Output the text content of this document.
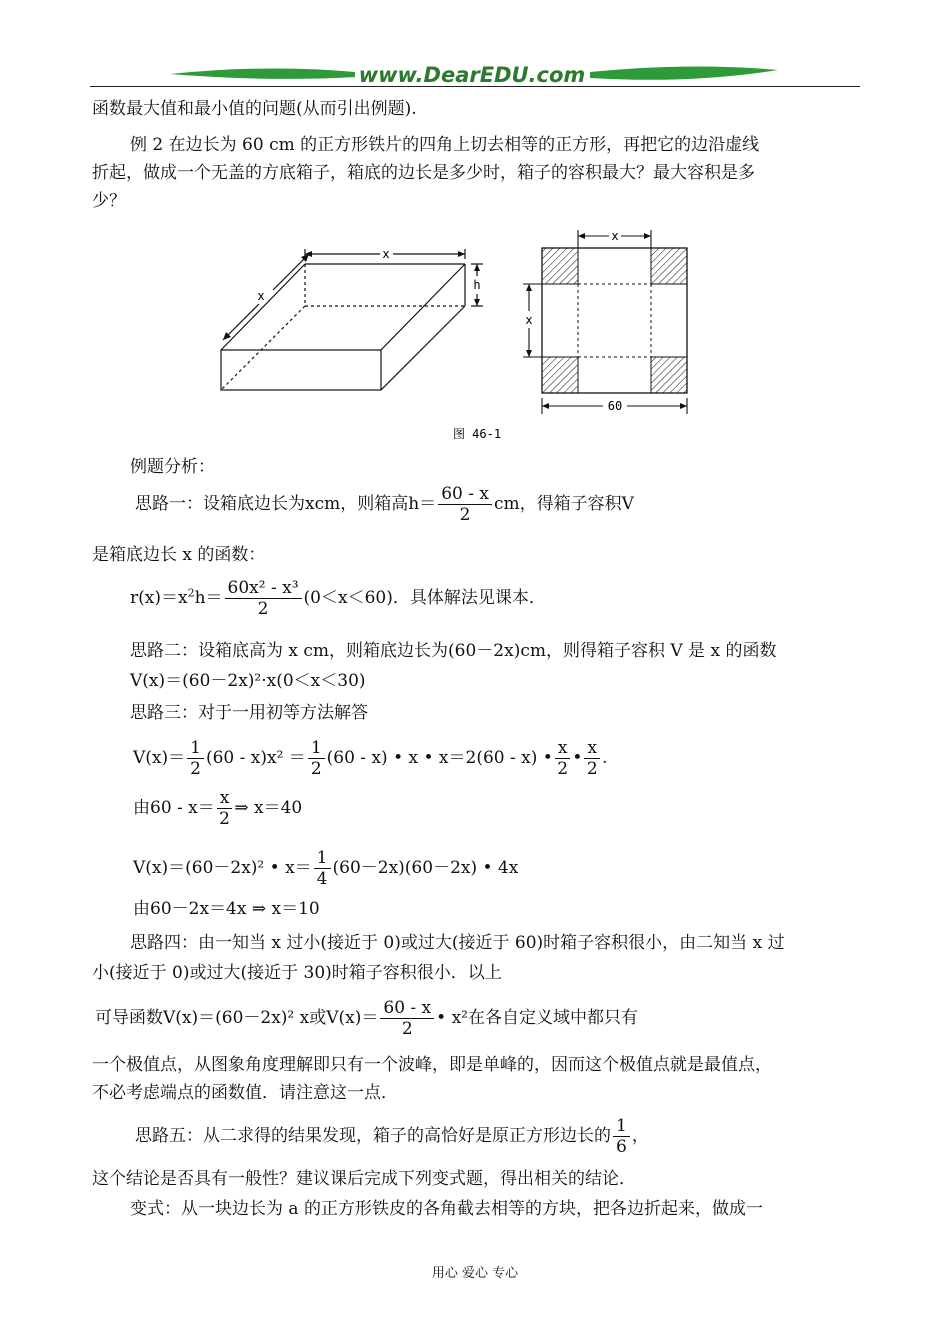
www.DearEDU.com
函数最大值和最小值的问题(从而引出例题).
例 2 在边长为 60 cm 的正方形铁片的四角上切去相等的正方形，再把它的边沿虚线
折起，做成一个无盖的方底箱子，箱底的边长是多少时，箱子的容积最大？最大容积是多
少？
x
h
x
x
x
60
图 46-1
例题分析：
思路一：设箱底边长为xcm，则箱高$h= \frac{60 - x}{2}$ cm，得箱子容积V
是箱底边长 x 的函数：
$r(x)=x^2h= \frac{\text{60x² - x³}}{2} (0<x<60)$．具体解法见课本．
思路二：设箱底高为 x cm，则箱底边长为(60－2x)cm，则得箱子容积 V 是 x 的函数
V(x)＝(60－2x)²·x(0＜x＜30)
思路三：对于一用初等方法解答
$V(x)= \frac{1}{2} (60 - x)x^2 = \frac{1}{2} (60 - x)$ • x • x＝2(60 - x) • $\frac{x}{2}$ • $\frac{x}{2}$ .
由$60 - x= \frac{x}{2}$ ⇒ x＝40
V(x)＝(60－2x)² • $x= \frac{1}{4} (60-2x)(60-2x)$ • 4x
由60－2x＝4x ⇒ x＝10
思路四：由一知当 x 过小(接近于 0)或过大(接近于 60)时箱子容积很小，由二知当 x 过
小(接近于 0)或过大(接近于 30)时箱子容积很小．以上
可导函数V(x)＝(60－2x)² x或$V(x)= \frac{60 - x}{2}$ • x²在各自定义域中都只有
一个极值点，从图象角度理解即只有一个波峰，即是单峰的，因而这个极值点就是最值点，
不必考虑端点的函数值．请注意这一点．
思路五：从二求得的结果发现，箱子的高恰好是原正方形边长的 $\frac{1}{6}$ ，
这个结论是否具有一般性？建议课后完成下列变式题，得出相关的结论．
变式：从一块边长为 a 的正方形铁皮的各角截去相等的方块，把各边折起来，做成一
用心 爱心 专心
